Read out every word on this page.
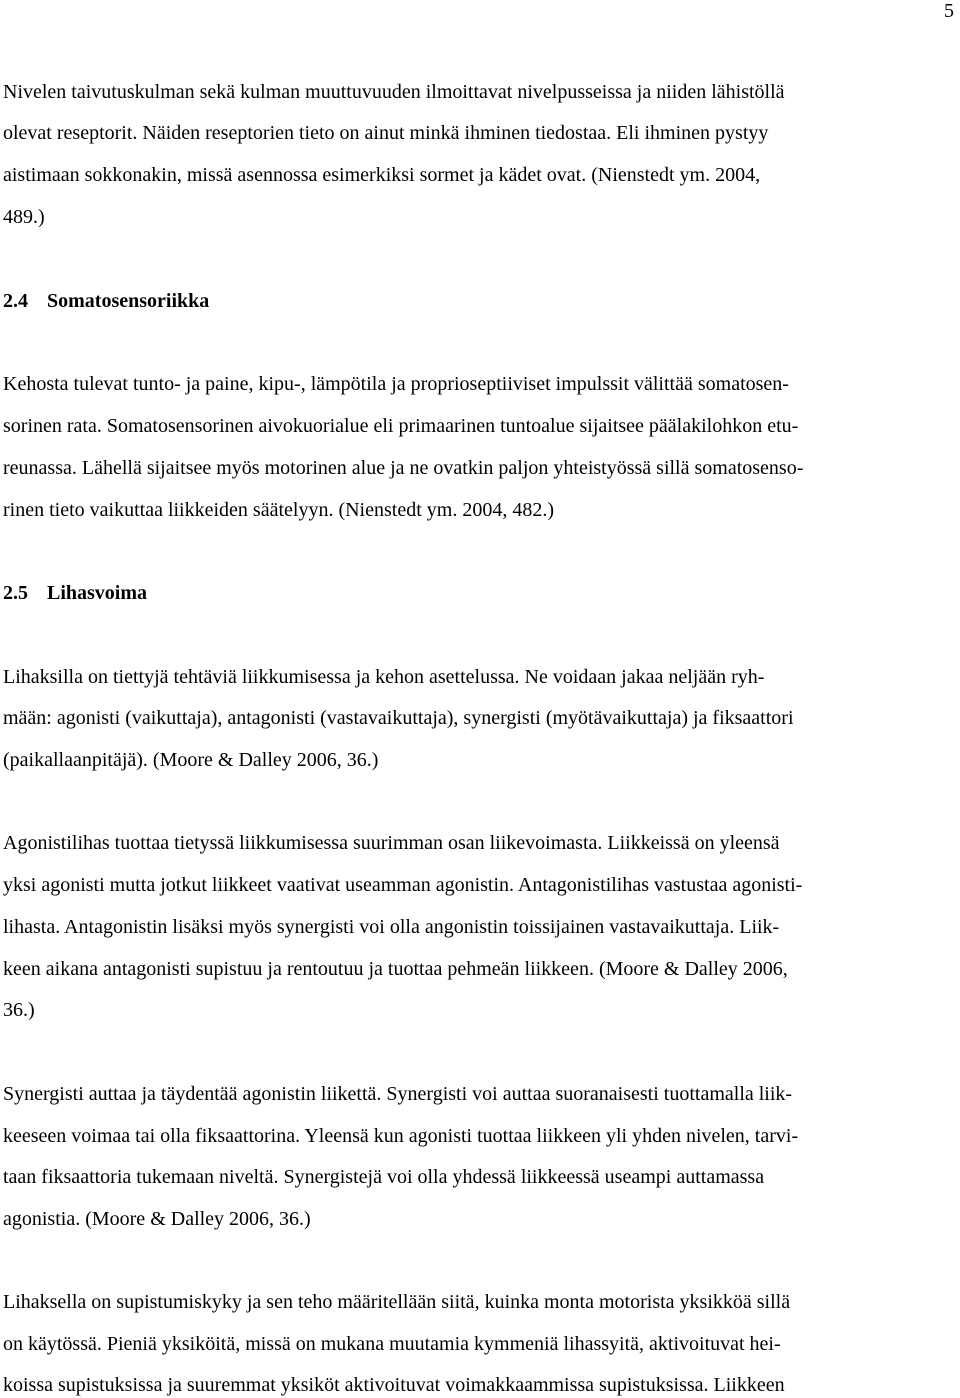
5
Nivelen taivutuskulman sekä kulman muuttuvuuden ilmoittavat nivelpusseissa ja niiden lähistöllä
olevat reseptorit. Näiden reseptorien tieto on ainut minkä ihminen tiedostaa. Eli ihminen pystyy
aistimaan sokkonakin, missä asennossa esimerkiksi sormet ja kädet ovat. (Nienstedt ym. 2004,
489.)
2.4 Somatosensoriikka
Kehosta tulevat tunto- ja paine, kipu-, lämpötila ja proprioseptiiviset impulssit välittää somatosen-
sorinen rata. Somatosensorinen aivokuorialue eli primaarinen tuntoalue sijaitsee päälakilohkon etu-
reunassa. Lähellä sijaitsee myös motorinen alue ja ne ovatkin paljon yhteistyössä sillä somatosenso-
rinen tieto vaikuttaa liikkeiden säätelyyn. (Nienstedt ym. 2004, 482.)
2.5 Lihasvoima
Lihaksilla on tiettyjä tehtäviä liikkumisessa ja kehon asettelussa. Ne voidaan jakaa neljään ryh-
mään: agonisti (vaikuttaja), antagonisti (vastavaikuttaja), synergisti (myötävaikuttaja) ja fiksaattori
(paikallaanpitäjä). (Moore & Dalley 2006, 36.)
Agonistilihas tuottaa tietyssä liikkumisessa suurimman osan liikevoimasta. Liikkeissä on yleensä
yksi agonisti mutta jotkut liikkeet vaativat useamman agonistin. Antagonistilihas vastustaa agonisti-
lihasta. Antagonistin lisäksi myös synergisti voi olla angonistin toissijainen vastavaikuttaja. Liik-
keen aikana antagonisti supistuu ja rentoutuu ja tuottaa pehmeän liikkeen. (Moore & Dalley 2006,
36.)
Synergisti auttaa ja täydentää agonistin liikettä. Synergisti voi auttaa suoranaisesti tuottamalla liik-
keeseen voimaa tai olla fiksaattorina. Yleensä kun agonisti tuottaa liikkeen yli yhden nivelen, tarvi-
taan fiksaattoria tukemaan niveltä. Synergistejä voi olla yhdessä liikkeessä useampi auttamassa
agonistia. (Moore & Dalley 2006, 36.)
Lihaksella on supistumiskyky ja sen teho määritellään siitä, kuinka monta motorista yksikköä sillä
on käytössä. Pieniä yksiköitä, missä on mukana muutamia kymmeniä lihassyitä, aktivoituvat hei-
koissa supistuksissa ja suuremmat yksiköt aktivoituvat voimakkaammissa supistuksissa. Liikkeen
